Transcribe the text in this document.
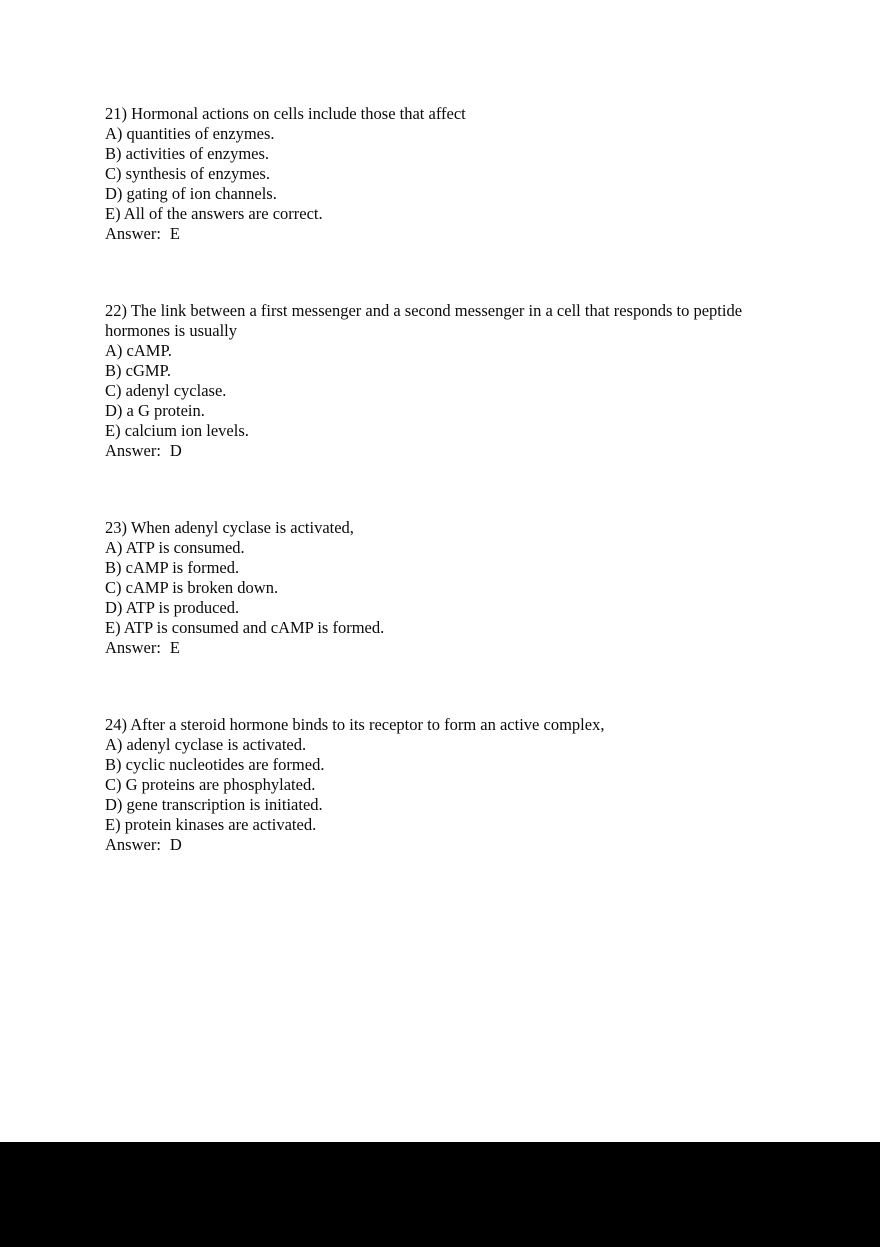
21) Hormonal actions on cells include those that affect
A) quantities of enzymes.
B) activities of enzymes.
C) synthesis of enzymes.
D) gating of ion channels.
E) All of the answers are correct.
Answer: E
22) The link between a first messenger and a second messenger in a cell that responds to peptide
hormones is usually
A) cAMP.
B) cGMP.
C) adenyl cyclase.
D) a G protein.
E) calcium ion levels.
Answer: D
23) When adenyl cyclase is activated,
A) ATP is consumed.
B) cAMP is formed.
C) cAMP is broken down.
D) ATP is produced.
E) ATP is consumed and cAMP is formed.
Answer: E
24) After a steroid hormone binds to its receptor to form an active complex,
A) adenyl cyclase is activated.
B) cyclic nucleotides are formed.
C) G proteins are phosphylated.
D) gene transcription is initiated.
E) protein kinases are activated.
Answer: D
